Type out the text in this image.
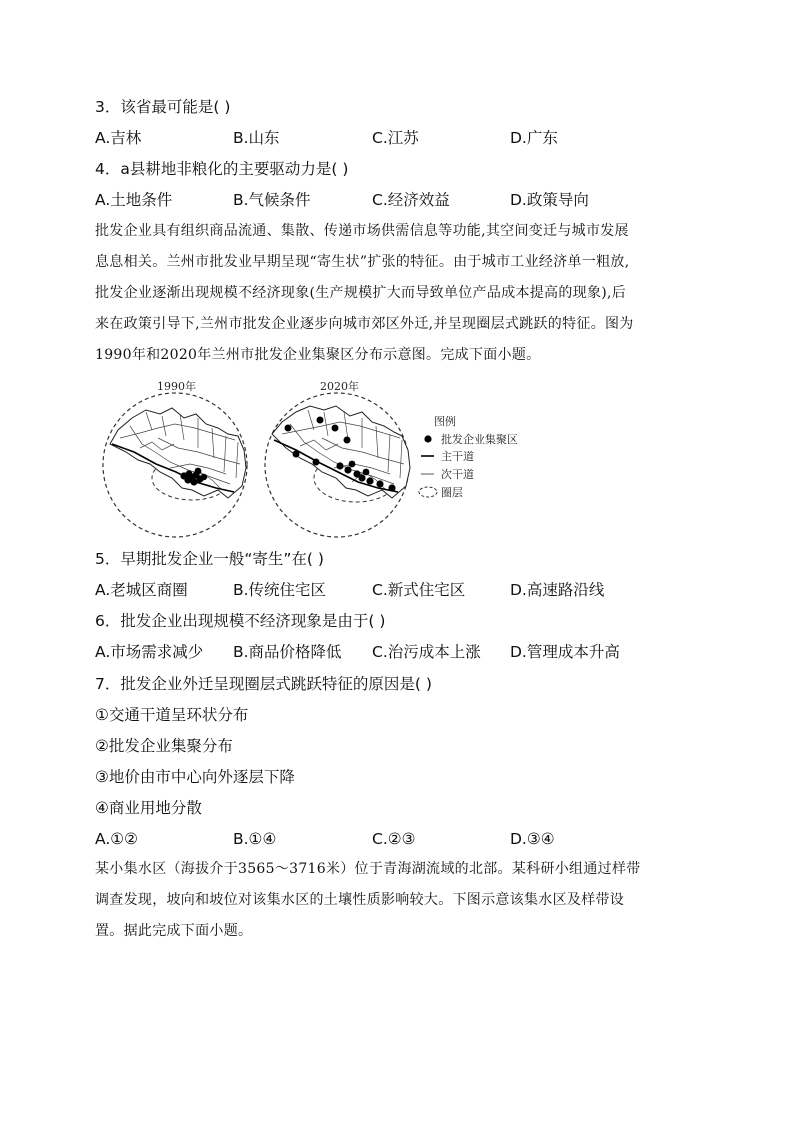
3．该省最可能是( )
A.吉林	B.山东	C.江苏	D.广东
4．a县耕地非粮化的主要驱动力是( )
A.土地条件	B.气候条件	C.经济效益	D.政策导向
批发企业具有组织商品流通、集散、传递市场供需信息等功能,其空间变迁与城市发展
息息相关。兰州市批发业早期呈现“寄生状”扩张的特征。由于城市工业经济单一粗放,
批发企业逐渐出现规模不经济现象(生产规模扩大而导致单位产品成本提高的现象),后
来在政策引导下,兰州市批发企业逐步向城市郊区外迁,并呈现圈层式跳跃的特征。图为
1990年和2020年兰州市批发企业集聚区分布示意图。完成下面小题。
1990年	2020年
图例
批发企业集聚区
主干道
次干道
圈层
5．早期批发企业一般“寄生”在( )
A.老城区商圈	B.传统住宅区	C.新式住宅区	D.高速路沿线
6．批发企业出现规模不经济现象是由于( )
A.市场需求减少 B.商品价格降低 C.治污成本上涨 D.管理成本升高
7．批发企业外迁呈现圈层式跳跃特征的原因是( )
①交通干道呈环状分布
②批发企业集聚分布
③地价由市中心向外逐层下降
④商业用地分散
A.①②	B.①④	C.②③	D.③④
某小集水区（海拔介于3565～3716米）位于青海湖流域的北部。某科研小组通过样带
调查发现，坡向和坡位对该集水区的土壤性质影响较大。下图示意该集水区及样带设
置。据此完成下面小题。
